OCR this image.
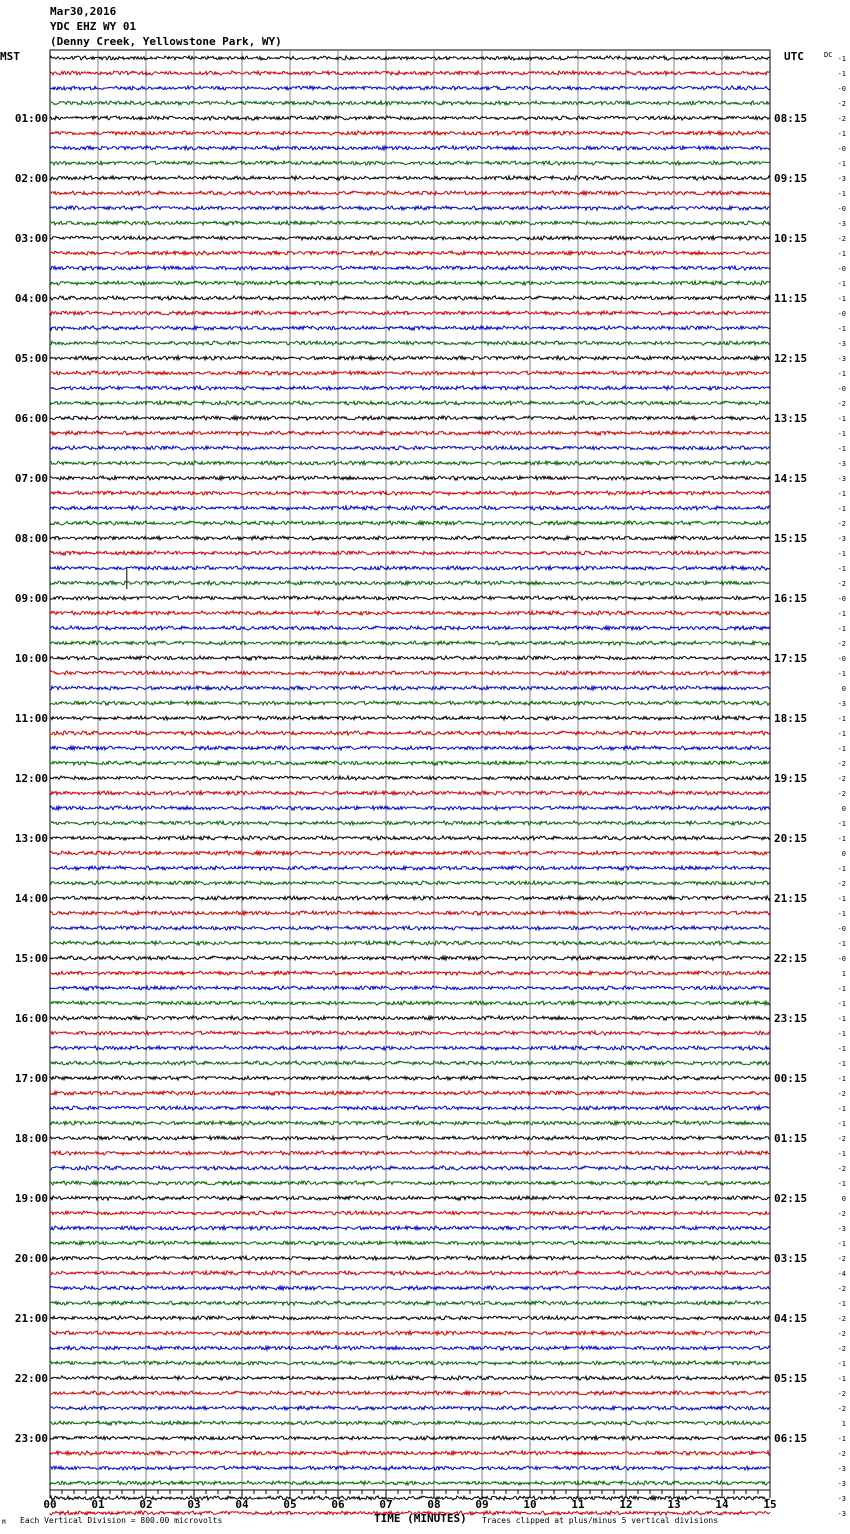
Mar30,2016
YDC EHZ WY 01
(Denny Creek, Yellowstone Park, WY)
MST	UTC	DC
00	01	02	03	04	05	06	07	08	09	10	11	12	13	14	15
-1
-1
-0
-2
-2
01:00	08:15
-1
-0
-1
-3
02:00	09:15
-1
-0
-3
-2
03:00	10:15
-1
-0
-1
-1
04:00	11:15
-0
-1
-3
-3
05:00	12:15
-1
-0
-2
-1
06:00	13:15
-1
-1
-3
-3
07:00	14:15
-1
-1
-2
-3
08:00	15:15
-1
-1
-2
-0
09:00	16:15
-1
-1
-2
-0
10:00	17:15
-1
0
-3
-1
11:00	18:15
-1
-1
-2
-2
12:00	19:15
-2
0
-1
-1
13:00	20:15
0
-1
-2
-1
14:00	21:15
-1
-0
-1
-0
15:00	22:15
1
-1
-1
-1
16:00	23:15
-1
-1
-1
-1
17:00	00:15
-2
-1
-1
-2
18:00	01:15
-1
-2
-1
0
19:00	02:15
-2
-3
-1
-2
20:00	03:15
-4
-2
-1
-2
21:00	04:15
-2
-2
-1
-1
22:00	05:15
-2
-2
1
-1
23:00	06:15
-2
-3
-3
-3
-3
TIME (MINUTES)
M Each Vertical Division = 800.00 microvolts	Traces clipped at plus/minus 5 vertical divisions
